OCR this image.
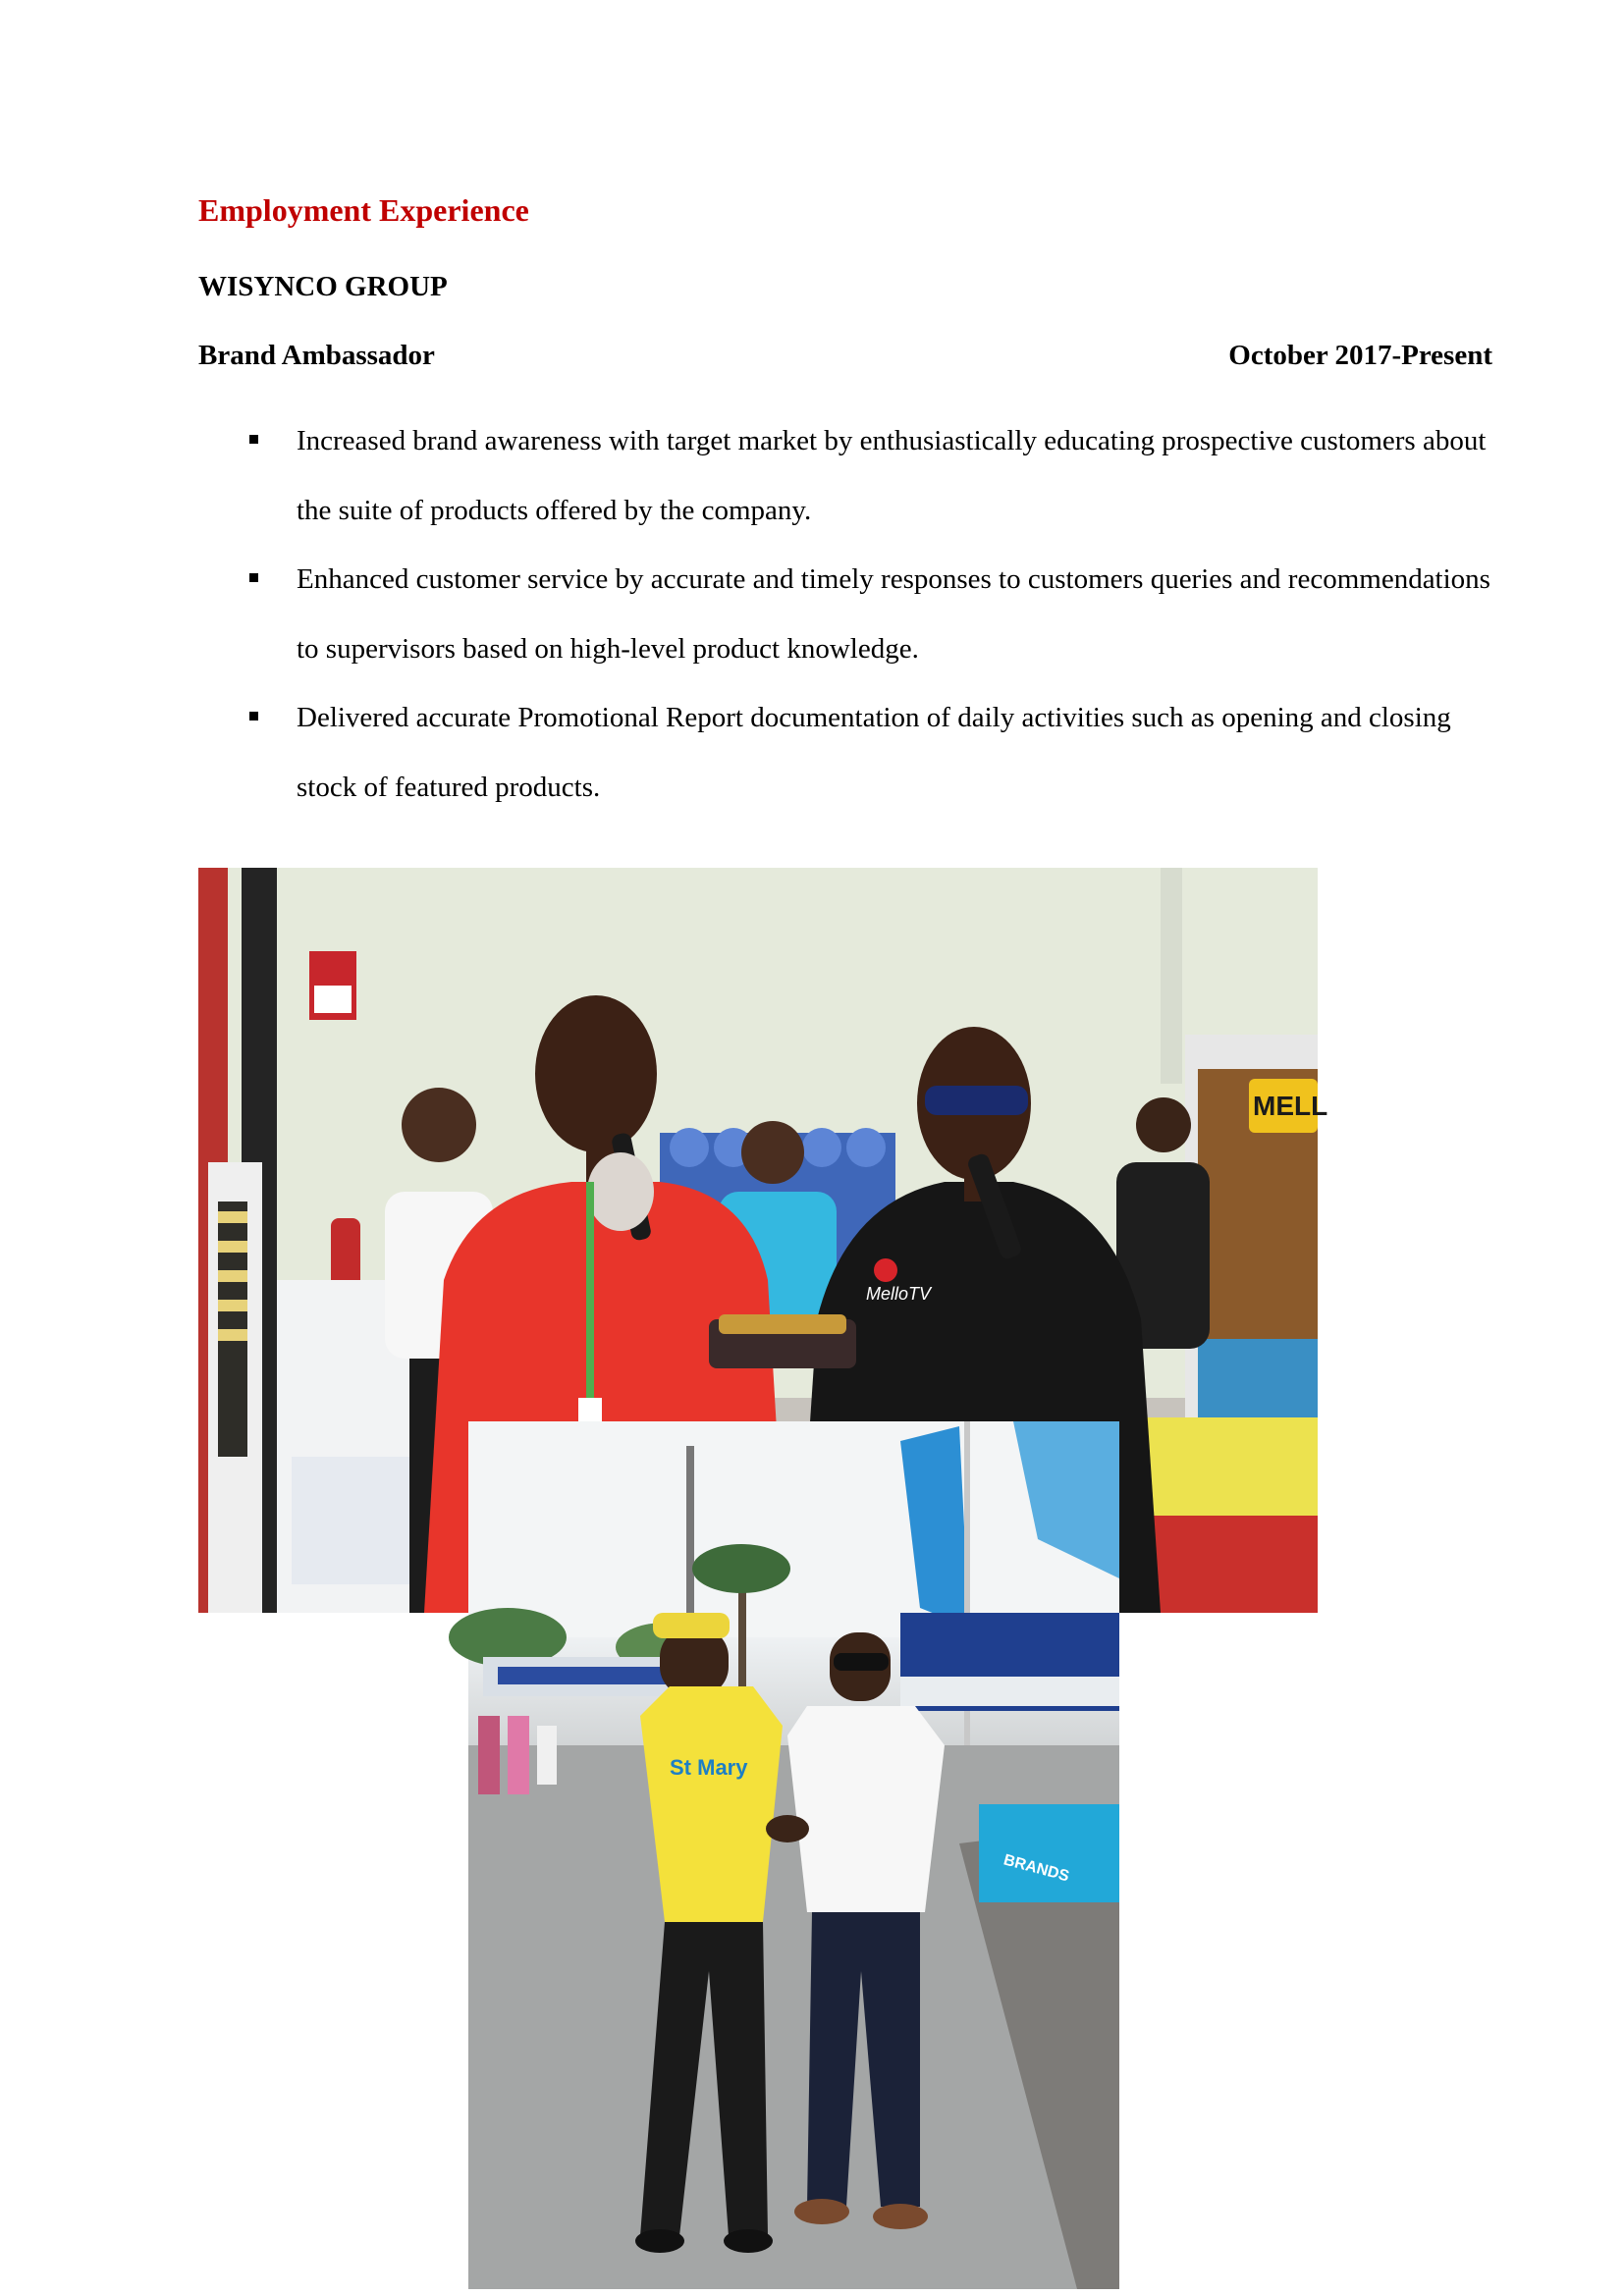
Employment Experience
WISYNCO GROUP
Brand Ambassador	October 2017-Present
Increased brand awareness with target market by enthusiastically educating prospective customers about the suite of products offered by the company.
Enhanced customer service by accurate and timely responses to customers queries and recommendations to supervisors based on high-level product knowledge.
Delivered accurate Promotional Report documentation of daily activities such as opening and closing stock of featured products.
MELL
MelloTV
BRANDS
St Mary
